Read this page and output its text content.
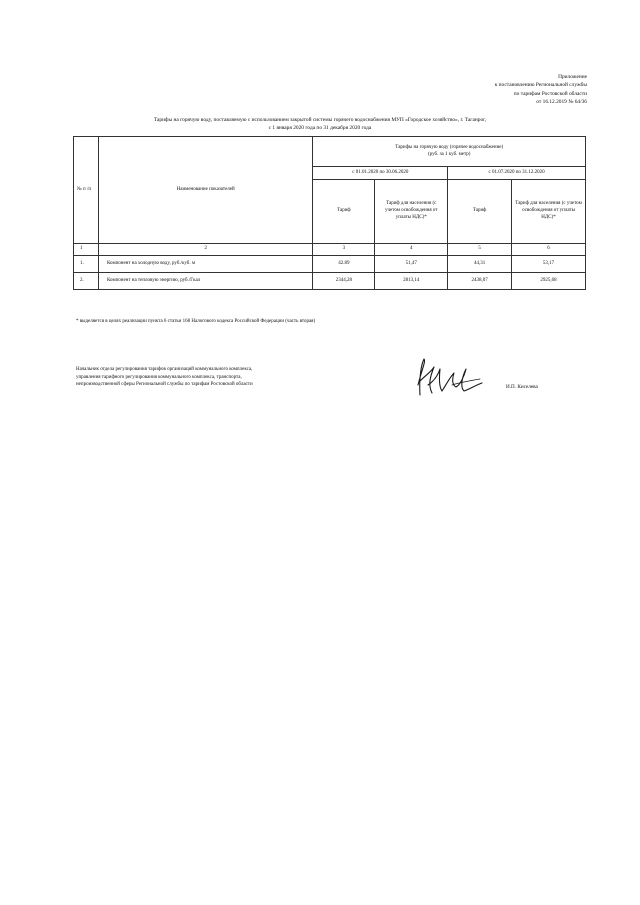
Приложение
к постановлению Региональной службы
по тарифам Ростовской области
от 16.12.2019 № 64/36
Тарифы на горячую воду, поставляемую с использованием закрытой системы горячего водоснабжения МУП «Городское хозяйство», г. Таганрог,
с 1 января 2020 года по 31 декабря 2020 года
№ п /п	Наименование показателей	Тарифы на горячую воду (горячее водоснабжение)
(руб. за 1 куб. метр)			

		с 01.01.2020 по 30.06.2020		с 01.07.2020 по 31.12.2020	
		Тариф	Тариф для населения (с учетом освобождения от уплаты НДС)*	Тариф	Тариф для населения (с учетом освобождения от уплаты НДС)*
1	2	3	4	5	6
1.	Компонент на холодную воду, руб./куб. м	42.89	51,47	44,31	53,17
2.	Компонент на тепловую энергию, руб./Гкал	2344,28	2813,14	2438,07	2925,68
* выделяется в целях реализации пункта 6 статьи 168 Налогового кодекса Российской Федерации (часть вторая)
Начальник отдела регулирования тарифов организаций коммунального комплекса,
управления тарифного регулирования коммунального комплекса, транспорта,
непроизводственной сферы Региональной службы по тарифам Ростовской области	И.П. Киселева
